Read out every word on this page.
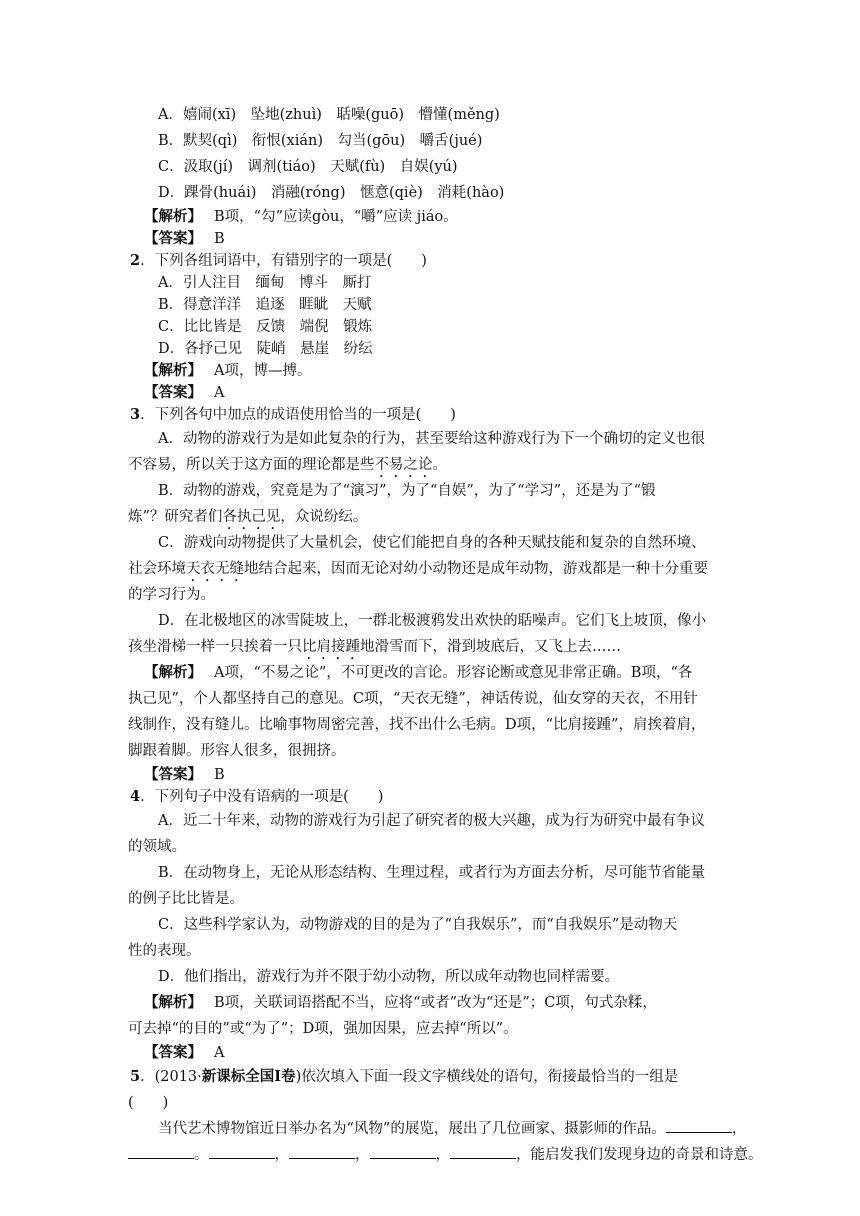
A．嬉闹(xī)　坠地(zhuì)　聒噪(guō)　懵懂(měng)
B．默契(qì)　衔恨(xián)　勾当(gōu)　嚼舌(jué)
C．汲取(jí)　调剂(tiáo)　天赋(fù)　自娱(yú)
D．踝骨(huái)　消融(róng)　惬意(qiè)　消耗(hào)
【解析】 B项，“勾”应读gòu，“嚼”应读 jiáo。
【答案】 B
2．下列各组词语中，有错别字的一项是(　　)
A．引人注目　缅甸　博斗　厮打
B．得意洋洋　追逐　睚眦　天赋
C．比比皆是　反馈　端倪　锻炼
D．各抒己见　陡峭　悬崖　纷纭
【解析】 A项，博—搏。
【答案】 A
3．下列各句中加点的成语使用恰当的一项是(　　)
A．动物的游戏行为是如此复杂的行为，甚至要给这种游戏行为下一个确切的定义也很
不容易，所以关于这方面的理论都是些不易之论。
B．动物的游戏，究竟是为了“演习”，为了“自娱”，为了“学习”，还是为了“锻
炼”？研究者们各执己见，众说纷纭。
C．游戏向动物提供了大量机会，使它们能把自身的各种天赋技能和复杂的自然环境、
社会环境天衣无缝地结合起来，因而无论对幼小动物还是成年动物，游戏都是一种十分重要
的学习行为。
D．在北极地区的冰雪陡坡上，一群北极渡鸦发出欢快的聒噪声。它们飞上坡顶，像小
孩坐滑梯一样一只挨着一只比肩接踵地滑雪而下，滑到坡底后，又飞上去……
【解析】 A项，“不易之论”，不可更改的言论。形容论断或意见非常正确。B项，“各
执己见”，个人都坚持自己的意见。C项，“天衣无缝”，神话传说，仙女穿的天衣，不用针
线制作，没有缝儿。比喻事物周密完善，找不出什么毛病。D项，“比肩接踵”，肩挨着肩，
脚跟着脚。形容人很多，很拥挤。
【答案】 B
4．下列句子中没有语病的一项是(　　)
A．近二十年来，动物的游戏行为引起了研究者的极大兴趣，成为行为研究中最有争议
的领域。
B．在动物身上，无论从形态结构、生理过程，或者行为方面去分析，尽可能节省能量
的例子比比皆是。
C．这些科学家认为，动物游戏的目的是为了“自我娱乐”，而“自我娱乐”是动物天
性的表现。
D．他们指出，游戏行为并不限于幼小动物，所以成年动物也同样需要。
【解析】 B项，关联词语搭配不当，应将“或者”改为“还是”；C项，句式杂糅，
可去掉“的目的”或“为了”；D项，强加因果，应去掉“所以”。
【答案】 A
5．(2013·新课标全国Ⅰ卷)依次填入下面一段文字横线处的语句，衔接最恰当的一组是
(　　)
当代艺术博物馆近日举办名为“风物”的展览，展出了几位画家、摄影师的作品。	，
。	，	，	，	，能启发我们发现身边的奇景和诗意。
